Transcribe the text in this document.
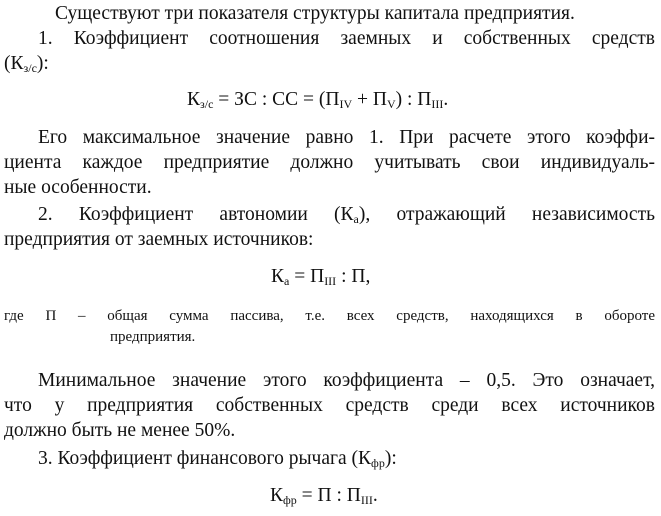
Существуют три показателя структуры капитала предприятия.
1. Коэффициент соотношения заемных и собственных средств
$(К_{з/с})$:
$К_{з/с}$ = ЗС : СС = $(П_{IV} + П_V)$ : $П_{III}$.
Его максимальное значение равно 1. При расчете этого коэффи-
циента каждое предприятие должно учитывать свои индивидуаль-
ные особенности.
2. Коэффициент автономии $(К_а)$, отражающий независимость
предприятия от заемных источников:
$К_а = П_{III}$ : П,
где П – общая сумма пассива, т.е. всех средств, находящихся в обороте
предприятия.
Минимальное значение этого коэффициента – 0,5. Это означает,
что у предприятия собственных средств среди всех источников
должно быть не менее 50%.
3. Коэффициент финансового рычага $(К_{фр})$:
$К_{фр} = П$ : $П_{III}$.
